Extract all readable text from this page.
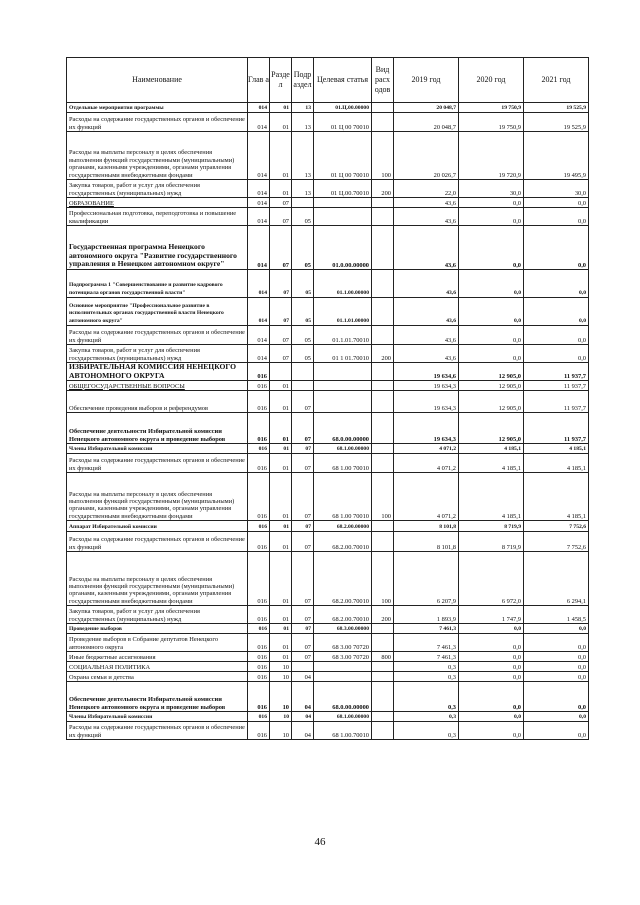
Наименование	Глав а	Разде л	Подр аздел	Целевая статья	Вид расх одов	2019 год	2020 год	2021 год
Отдельные мероприятия программы	014	01	13	01.Ц.00.00000		20 048,7	19 750,9	19 525,9
Расходы на содержание государственных органов и обеспечение их функций	014	01	13	01 Ц 00 70010		20 048,7	19 750,9	19 525,9
Расходы на выплаты персоналу в целях обеспечения выполнения функций государственными (муниципальными) органами, казенными учреждениями, органами управления государственными внебюджетными фондами	014	01	13	01 Ц 00 70010	100	20 026,7	19 720,9	19 495,9
Закупка товаров, работ и услуг для обеспечения государственных (муниципальных) нужд	014	01	13	01 Ц.00.70010	200	22,0	30,0	30,0
ОБРАЗОВАНИЕ	014	07				43,6	0,0	0,0
Профессиональная подготовка, переподготовка и повышение квалификации	014	07	05			43,6	0,0	0,0
Государственная программа Ненецкого автономного округа "Развитие государственного управления в Ненецком автономном округе"	014	07	05	01.0.00.00000		43,6	0,0	0,0
Подпрограмма 1 "Совершенствование и развитие кадрового потенциала органов государственной власти"	014	07	05	01.1.00.00000		43,6	0,0	0,0
Основное мероприятие "Профессиональное развитие в исполнительных органах государственной власти Ненецкого автономного округа"	014	07	05	01.1.01.00000		43,6	0,0	0,0
Расходы на содержание государственных органов и обеспечение их функций	014	07	05	01.1.01.70010		43,6	0,0	0,0
Закупка товаров, работ и услуг для обеспечения государственных (муниципальных) нужд	014	07	05	01 1 01.70010	200	43,6	0,0	0,0
ИЗБИРАТЕЛЬНАЯ КОМИССИЯ НЕНЕЦКОГО АВТОНОМНОГО ОКРУГА	016					19 634,6	12 905,0	11 937,7
ОБЩЕГОСУДАРСТВЕННЫЕ ВОПРОСЫ	016	01				19 634,3	12 905,0	11 937,7
Обеспечение проведения выборов и референдумов	016	01	07			19 634,3	12 905,0	11 937,7
Обеспечение деятельности Избирательной комиссии Ненецкого автономного округа и проведение выборов	016	01	07	68.0.00.00000		19 634,3	12 905,0	11 937,7
Члены Избирательной комиссии	016	01	07	68.1.00.00000		4 071,2	4 185,1	4 185,1
Расходы на содержание государственных органов и обеспечение их функций	016	01	07	68 1.00 70010		4 071,2	4 185,1	4 185,1
Расходы на выплаты персоналу в целях обеспечения выполнения функций государственными (муниципальными) органами, казенными учреждениями, органами управления государственными внебюджетными фондами	016	01	07	68 1.00 70010	100	4 071,2	4 185,1	4 185,1
Аппарат Избирательной комиссии	016	01	07	68.2.00.00000		8 101,8	8 719,9	7 752,6
Расходы на содержание государственных органов и обеспечение их функций	016	01	07	68.2.00.70010		8 101,8	8 719,9	7 752,6
Расходы на выплаты персоналу в целях обеспечения выполнения функций государственными (муниципальными) органами, казенными учреждениями, органами управления государственными внебюджетными фондами	016	01	07	68.2.00.70010	100	6 207,9	6 972,0	6 294,1
Закупка товаров, работ и услуг для обеспечения государственных (муниципальных) нужд	016	01	07	68.2.00.70010	200	1 893,9	1 747,9	1 458,5
Проведение выборов	016	01	07	68.3.00.00000		7 461,3	0,0	0,0
Проведение выборов в Собрание депутатов Ненецкого автономного округа	016	01	07	68 3.00 70720		7 461,3	0,0	0,0
Иные бюджетные ассигнования	016	01	07	68 3.00 70720	800	7 461,3	0,0	0,0
СОЦИАЛЬНАЯ ПОЛИТИКА	016	10				0,3	0,0	0,0
Охрана семьи и детства	016	10	04			0,3	0,0	0,0
Обеспечение деятельности Избирательной комиссии Ненецкого автономного округа и проведение выборов	016	10	04	68.0.00.00000		0,3	0,0	0,0
Члены Избирательной комиссии	016	10	04	68.1.00.00000		0,3	0,0	0,0
Расходы на содержание государственных органов и обеспечение их функций	016	10	04	68 1.00.70010		0,3	0,0	0,0
46
